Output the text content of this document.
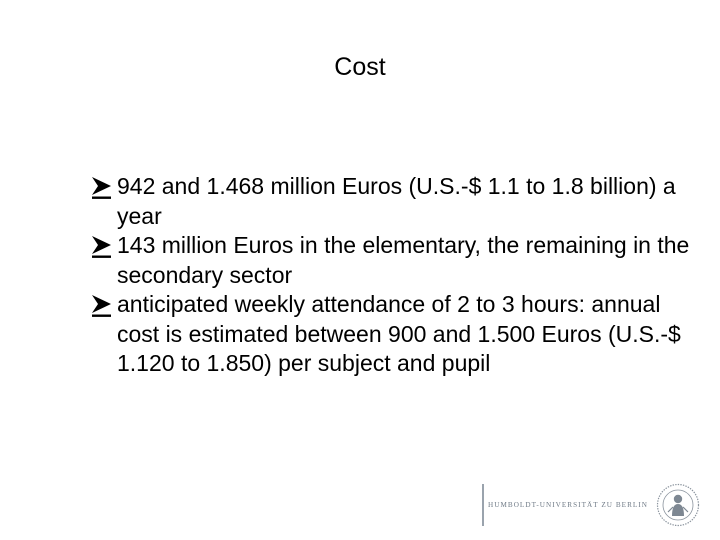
Cost
942 and 1.468 million Euros (U.S.-$ 1.1 to 1.8 billion) a year
143 million Euros in the elementary, the remaining in the secondary sector
anticipated weekly attendance of 2 to 3 hours: annual cost is estimated between 900 and 1.500 Euros (U.S.-$ 1.120 to 1.850) per subject and pupil
HUMBOLDT-UNIVERSITÄT ZU BERLIN
